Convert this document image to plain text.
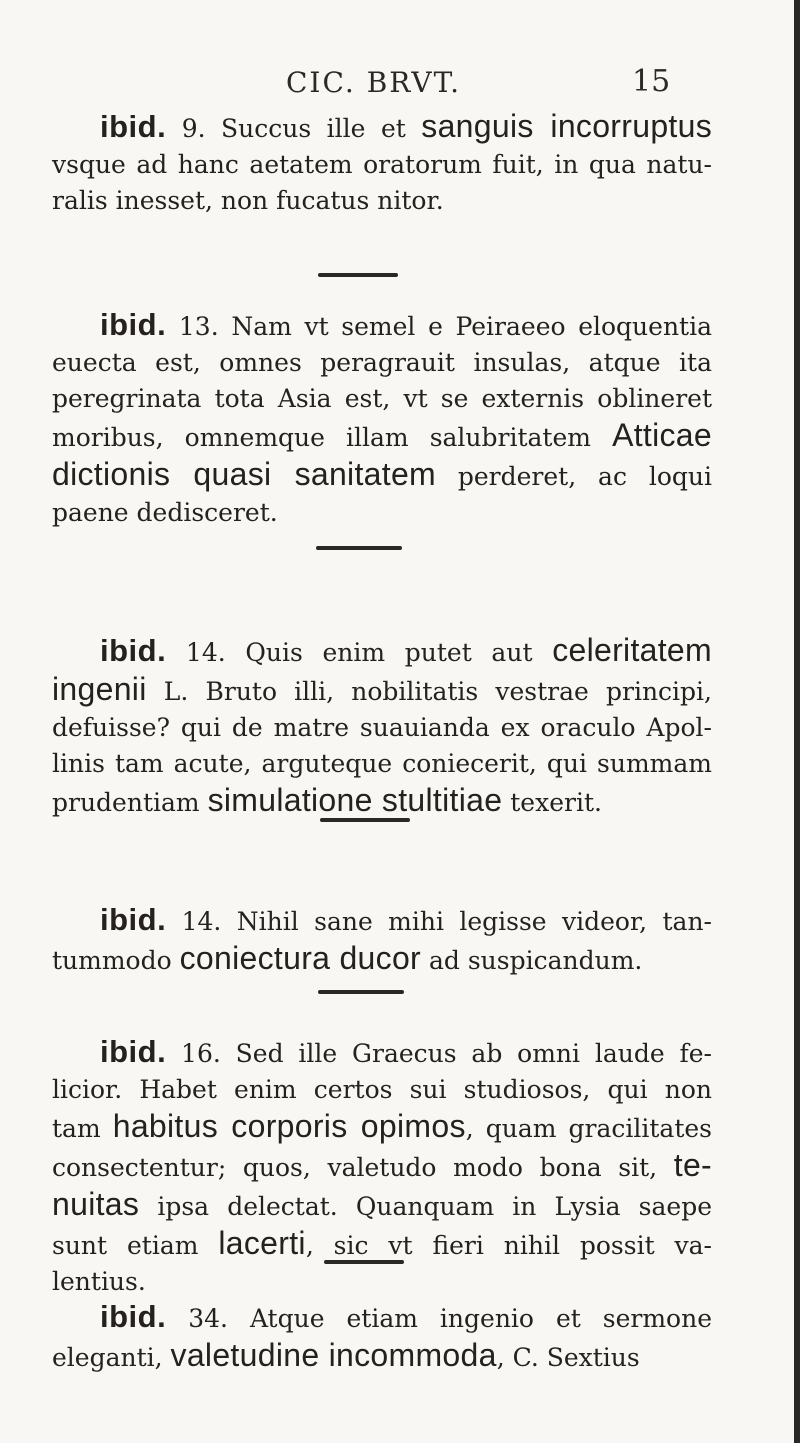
CIC. BRVT.	15
ibid. 9. Succus ille et sanguis incorruptus
vsque ad hanc aetatem oratorum fuit, in qua natu-
ralis inesset, non fucatus nitor.
ibid. 13. Nam vt semel e Peiraeeo eloquentia
euecta est, omnes peragrauit insulas, atque ita
peregrinata tota Asia est, vt se externis oblineret
moribus, omnemque illam salubritatem Atticae
dictionis quasi sanitatem perderet, ac loqui
paene dedisceret.
ibid. 14. Quis enim putet aut celeritatem
ingenii L. Bruto illi, nobilitatis vestrae principi,
defuisse? qui de matre suauianda ex oraculo Apol-
linis tam acute, arguteque coniecerit, qui summam
prudentiam simulatione stultitiae texerit.
ibid. 14. Nihil sane mihi legisse videor, tan-
tummodo coniectura ducor ad suspicandum.
ibid. 16. Sed ille Graecus ab omni laude fe-
licior. Habet enim certos sui studiosos, qui non
tam habitus corporis opimos, quam gracilitates
consectentur; quos, valetudo modo bona sit, te-
nuitas ipsa delectat. Quanquam in Lysia saepe
sunt etiam lacerti, sic vt fieri nihil possit va-
lentius.
ibid. 34. Atque etiam ingenio et sermone
eleganti, valetudine incommoda, C. Sextius
